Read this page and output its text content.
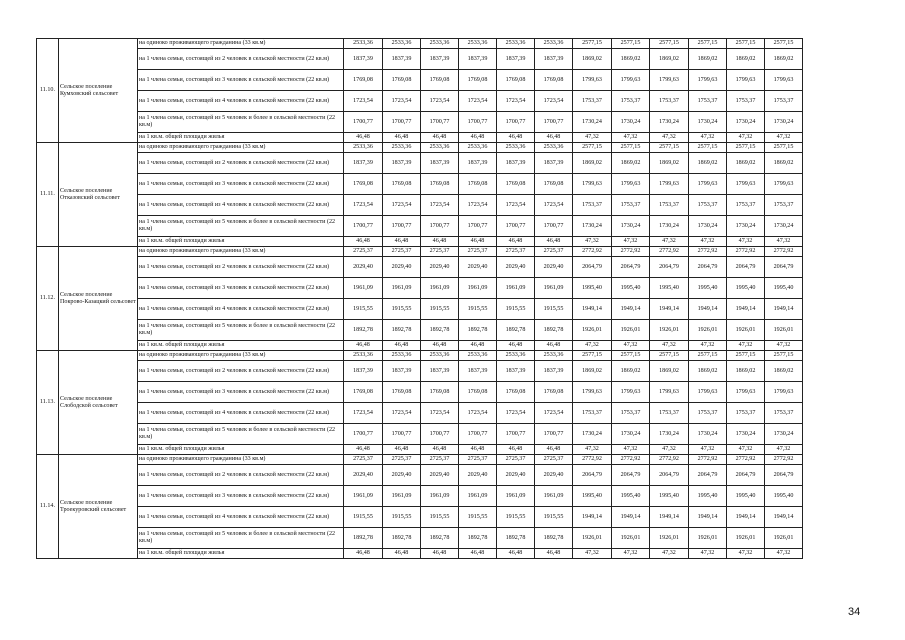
11.10.	Сельское поселение Кумховский сельсовет	на одиноко проживающего гражданина (33 кв.м)	2533,36	2533,36	2533,36	2533,36	2533,36	2533,36	2577,15	2577,15	2577,15	2577,15	2577,15	2577,15
		на 1 члена семьи, состоящей из 2 человек в сельской местности (22 кв.м)	1837,39	1837,39	1837,39	1837,39	1837,39	1837,39	1869,02	1869,02	1869,02	1869,02	1869,02	1869,02
		на 1 члена семьи, состоящей из 3 человек в сельской местности (22 кв.м)	1769,08	1769,08	1769,08	1769,08	1769,08	1769,08	1799,63	1799,63	1799,63	1799,63	1799,63	1799,63
		на 1 члена семьи, состоящей из 4 человек в сельской местности (22 кв.м)	1723,54	1723,54	1723,54	1723,54	1723,54	1723,54	1753,37	1753,37	1753,37	1753,37	1753,37	1753,37
		на 1 члена семьи, состоящей из 5 человек и более в сельской местности (22 кв.м)	1700,77	1700,77	1700,77	1700,77	1700,77	1700,77	1730,24	1730,24	1730,24	1730,24	1730,24	1730,24
		на 1 кв.м. общей площади жилья	46,48	46,48	46,48	46,48	46,48	46,48	47,32	47,32	47,32	47,32	47,32	47,32
11.11.	Сельское поселение Отказовский сельсовет	на одиноко проживающего гражданина (33 кв.м)	2533,36	2533,36	2533,36	2533,36	2533,36	2533,36	2577,15	2577,15	2577,15	2577,15	2577,15	2577,15
		на 1 члена семьи, состоящей из 2 человек в сельской местности (22 кв.м)	1837,39	1837,39	1837,39	1837,39	1837,39	1837,39	1869,02	1869,02	1869,02	1869,02	1869,02	1869,02
		на 1 члена семьи, состоящей из 3 человек в сельской местности (22 кв.м)	1769,08	1769,08	1769,08	1769,08	1769,08	1769,08	1799,63	1799,63	1799,63	1799,63	1799,63	1799,63
		на 1 члена семьи, состоящей из 4 человек в сельской местности (22 кв.м)	1723,54	1723,54	1723,54	1723,54	1723,54	1723,54	1753,37	1753,37	1753,37	1753,37	1753,37	1753,37
		на 1 члена семьи, состоящей из 5 человек и более в сельской местности (22 кв.м)	1700,77	1700,77	1700,77	1700,77	1700,77	1700,77	1730,24	1730,24	1730,24	1730,24	1730,24	1730,24
		на 1 кв.м. общей площади жилья	46,48	46,48	46,48	46,48	46,48	46,48	47,32	47,32	47,32	47,32	47,32	47,32
11.12.	Сельское поселение Покрово-Казацкий сельсовет	на одиноко проживающего гражданина (33 кв.м)	2725,37	2725,37	2725,37	2725,37	2725,37	2725,37	2772,92	2772,92	2772,92	2772,92	2772,92	2772,92
		на 1 члена семьи, состоящей из 2 человек в сельской местности (22 кв.м)	2029,40	2029,40	2029,40	2029,40	2029,40	2029,40	2064,79	2064,79	2064,79	2064,79	2064,79	2064,79
		на 1 члена семьи, состоящей из 3 человек в сельской местности (22 кв.м)	1961,09	1961,09	1961,09	1961,09	1961,09	1961,09	1995,40	1995,40	1995,40	1995,40	1995,40	1995,40
		на 1 члена семьи, состоящей из 4 человек в сельской местности (22 кв.м)	1915,55	1915,55	1915,55	1915,55	1915,55	1915,55	1949,14	1949,14	1949,14	1949,14	1949,14	1949,14
		на 1 члена семьи, состоящей из 5 человек и более в сельской местности (22 кв.м)	1892,78	1892,78	1892,78	1892,78	1892,78	1892,78	1926,01	1926,01	1926,01	1926,01	1926,01	1926,01
		на 1 кв.м. общей площади жилья	46,48	46,48	46,48	46,48	46,48	46,48	47,32	47,32	47,32	47,32	47,32	47,32
11.13.	Сельское поселение Слободской сельсовет	на одиноко проживающего гражданина (33 кв.м)	2533,36	2533,36	2533,36	2533,36	2533,36	2533,36	2577,15	2577,15	2577,15	2577,15	2577,15	2577,15
		на 1 члена семьи, состоящей из 2 человек в сельской местности (22 кв.м)	1837,39	1837,39	1837,39	1837,39	1837,39	1837,39	1869,02	1869,02	1869,02	1869,02	1869,02	1869,02
		на 1 члена семьи, состоящей из 3 человек в сельской местности (22 кв.м)	1769,08	1769,08	1769,08	1769,08	1769,08	1769,08	1799,63	1799,63	1799,63	1799,63	1799,63	1799,63
		на 1 члена семьи, состоящей из 4 человек в сельской местности (22 кв.м)	1723,54	1723,54	1723,54	1723,54	1723,54	1723,54	1753,37	1753,37	1753,37	1753,37	1753,37	1753,37
		на 1 члена семьи, состоящей из 5 человек и более в сельской местности (22 кв.м)	1700,77	1700,77	1700,77	1700,77	1700,77	1700,77	1730,24	1730,24	1730,24	1730,24	1730,24	1730,24
		на 1 кв.м. общей площади жилья	46,48	46,48	46,48	46,48	46,48	46,48	47,32	47,32	47,32	47,32	47,32	47,32
11.14.	Сельское поселение Троекуровский сельсовет	на одиноко проживающего гражданина (33 кв.м)	2725,37	2725,37	2725,37	2725,37	2725,37	2725,37	2772,92	2772,92	2772,92	2772,92	2772,92	2772,92
		на 1 члена семьи, состоящей из 2 человек в сельской местности (22 кв.м)	2029,40	2029,40	2029,40	2029,40	2029,40	2029,40	2064,79	2064,79	2064,79	2064,79	2064,79	2064,79
		на 1 члена семьи, состоящей из 3 человек в сельской местности (22 кв.м)	1961,09	1961,09	1961,09	1961,09	1961,09	1961,09	1995,40	1995,40	1995,40	1995,40	1995,40	1995,40
		на 1 члена семьи, состоящей из 4 человек в сельской местности (22 кв.м)	1915,55	1915,55	1915,55	1915,55	1915,55	1915,55	1949,14	1949,14	1949,14	1949,14	1949,14	1949,14
		на 1 члена семьи, состоящей из 5 человек и более в сельской местности (22 кв.м)	1892,78	1892,78	1892,78	1892,78	1892,78	1892,78	1926,01	1926,01	1926,01	1926,01	1926,01	1926,01
		на 1 кв.м. общей площади жилья	46,48	46,48	46,48	46,48	46,48	46,48	47,32	47,32	47,32	47,32	47,32	47,32
34
